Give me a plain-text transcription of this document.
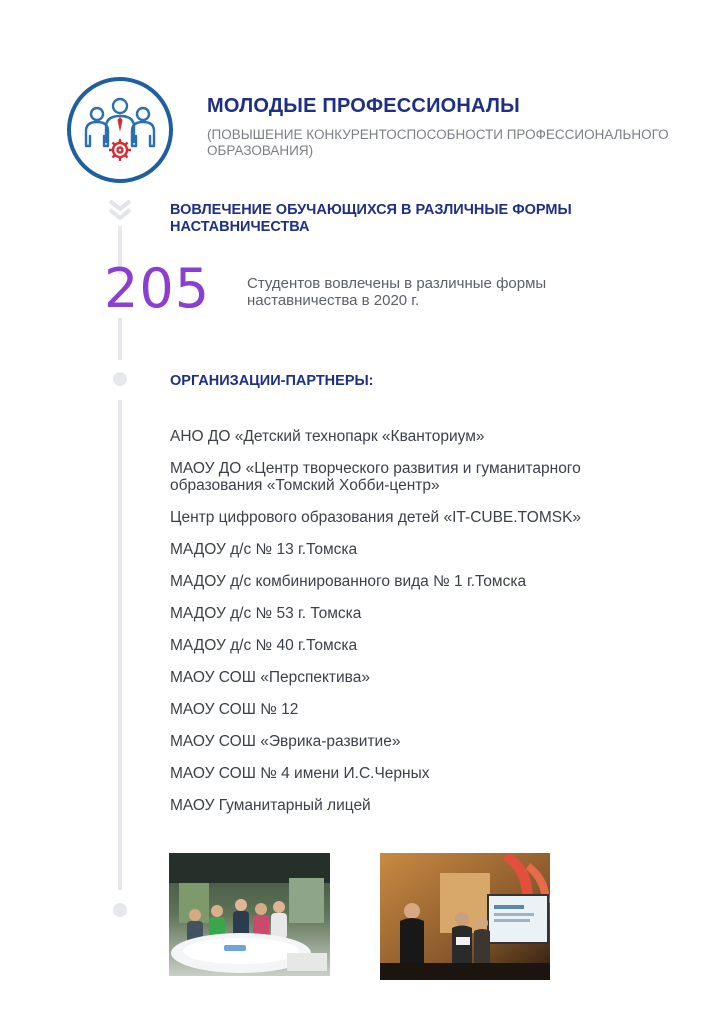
МОЛОДЫЕ ПРОФЕССИОНАЛЫ
(ПОВЫШЕНИЕ КОНКУРЕНТОСПОСОБНОСТИ ПРОФЕССИОНАЛЬНОГО ОБРАЗОВАНИЯ)
ВОВЛЕЧЕНИЕ ОБУЧАЮЩИХСЯ В РАЗЛИЧНЫЕ ФОРМЫ НАСТАВНИЧЕСТВА
205 Студентов вовлечены в различные формы наставничества в 2020 г.
ОРГАНИЗАЦИИ-ПАРТНЕРЫ:
АНО ДО «Детский технопарк «Кванториум»
МАОУ ДО «Центр творческого развития и гуманитарного образования «Томский Хобби-центр»
Центр цифрового образования детей «IT-CUBE.TOMSK»
МАДОУ д/с № 13 г.Томска
МАДОУ д/с комбинированного вида № 1 г.Томска
МАДОУ д/с № 53 г. Томска
МАДОУ д/с № 40 г.Томска
МАОУ СОШ «Перспектива»
МАОУ СОШ № 12
МАОУ СОШ «Эврика-развитие»
МАОУ СОШ № 4 имени И.С.Черных
МАОУ Гуманитарный лицей
